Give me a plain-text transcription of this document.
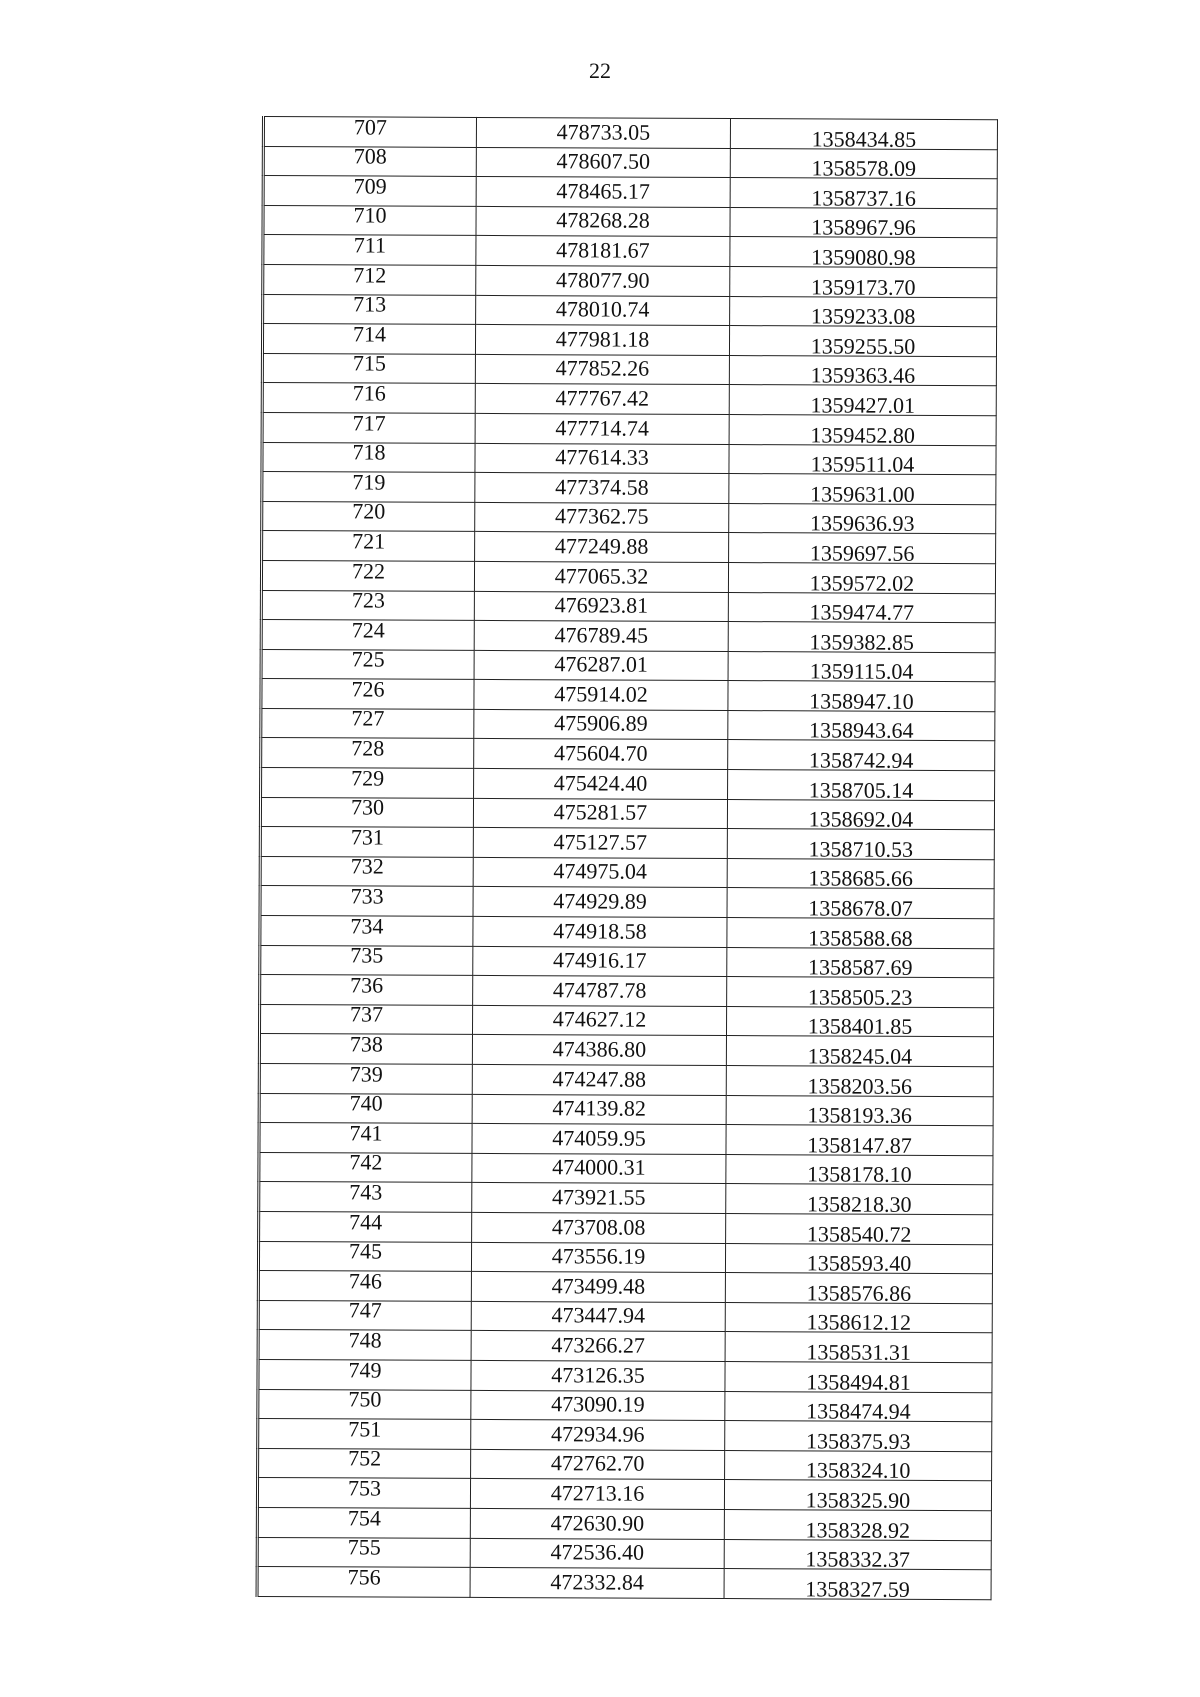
22
707	478733.05	1358434.85
708	478607.50	1358578.09
709	478465.17	1358737.16
710	478268.28	1358967.96
711	478181.67	1359080.98
712	478077.90	1359173.70
713	478010.74	1359233.08
714	477981.18	1359255.50
715	477852.26	1359363.46
716	477767.42	1359427.01
717	477714.74	1359452.80
718	477614.33	1359511.04
719	477374.58	1359631.00
720	477362.75	1359636.93
721	477249.88	1359697.56
722	477065.32	1359572.02
723	476923.81	1359474.77
724	476789.45	1359382.85
725	476287.01	1359115.04
726	475914.02	1358947.10
727	475906.89	1358943.64
728	475604.70	1358742.94
729	475424.40	1358705.14
730	475281.57	1358692.04
731	475127.57	1358710.53
732	474975.04	1358685.66
733	474929.89	1358678.07
734	474918.58	1358588.68
735	474916.17	1358587.69
736	474787.78	1358505.23
737	474627.12	1358401.85
738	474386.80	1358245.04
739	474247.88	1358203.56
740	474139.82	1358193.36
741	474059.95	1358147.87
742	474000.31	1358178.10
743	473921.55	1358218.30
744	473708.08	1358540.72
745	473556.19	1358593.40
746	473499.48	1358576.86
747	473447.94	1358612.12
748	473266.27	1358531.31
749	473126.35	1358494.81
750	473090.19	1358474.94
751	472934.96	1358375.93
752	472762.70	1358324.10
753	472713.16	1358325.90
754	472630.90	1358328.92
755	472536.40	1358332.37
756	472332.84	1358327.59
